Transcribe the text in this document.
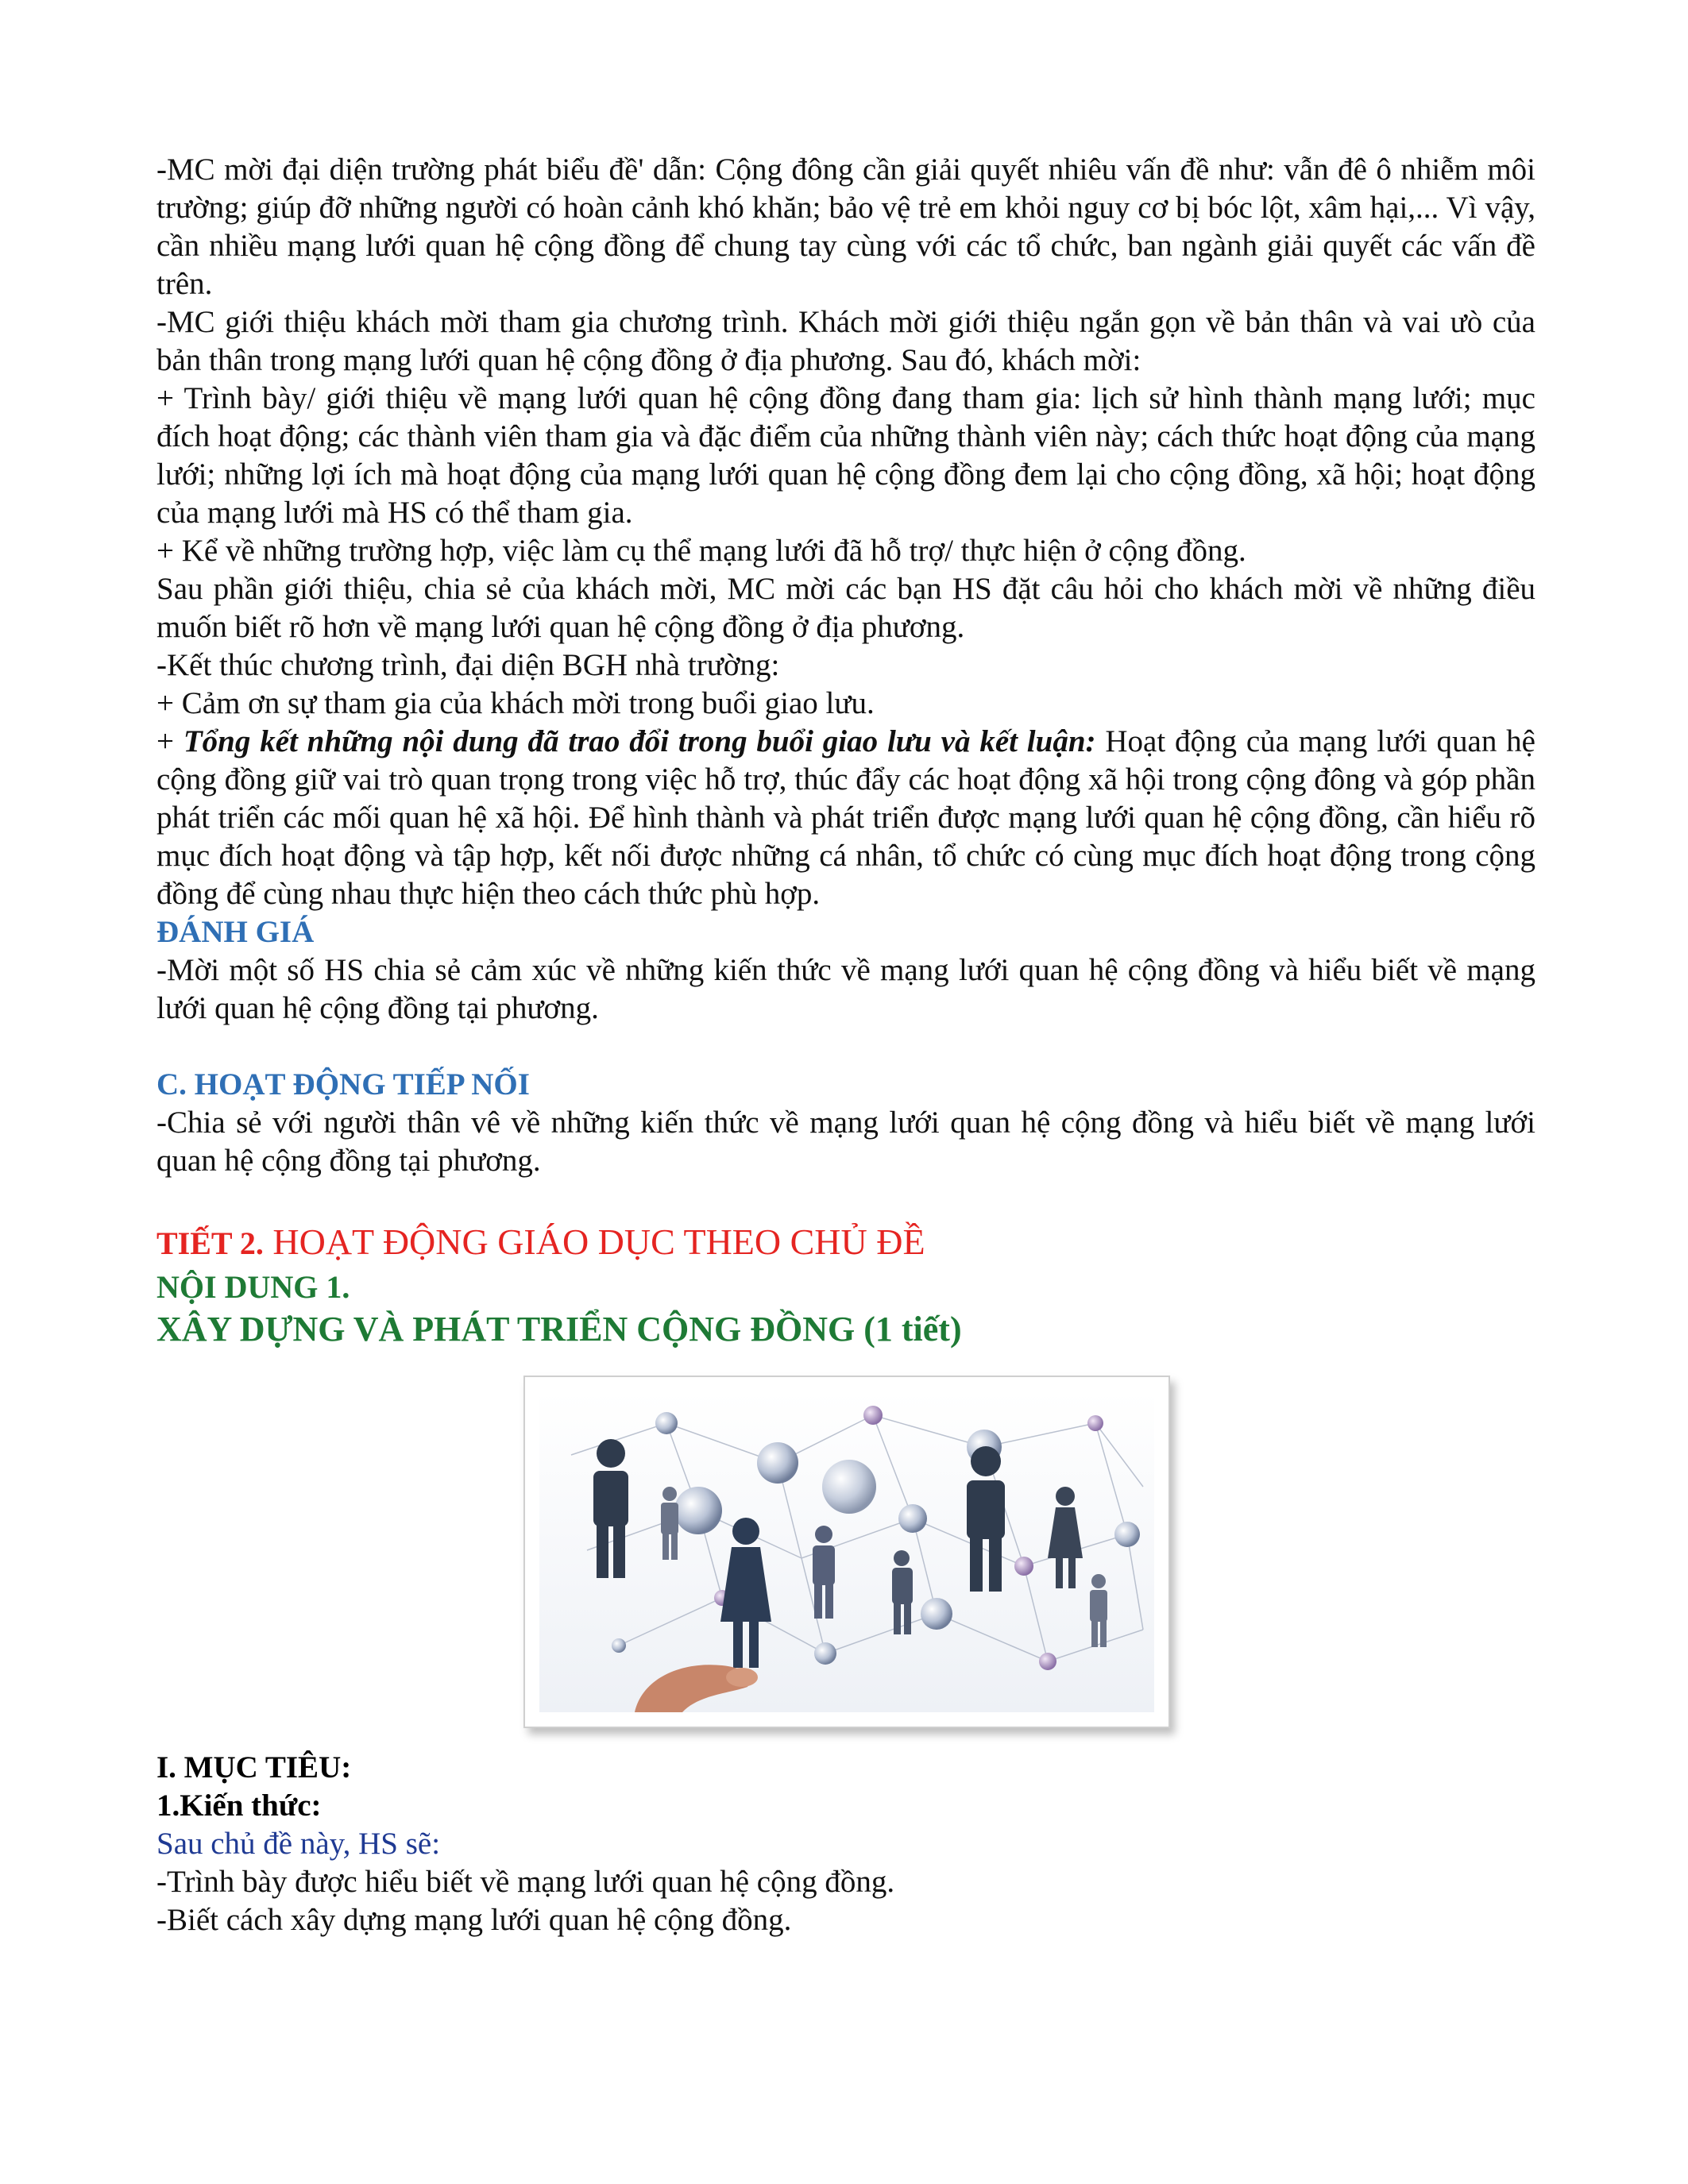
-MC mời đại diện trường phát biểu đề' dẫn: Cộng đông cần giải quyết nhiêu vấn đề như: vẫn đê ô nhiễm môi trường; giúp đỡ những người có hoàn cảnh khó khăn; bảo vệ trẻ em khỏi nguy cơ bị bóc lột, xâm hại,... Vì vậy, cần nhiều mạng lưới quan hệ cộng đồng để chung tay cùng với các tổ chức, ban ngành giải quyết các vấn đề trên.

-MC giới thiệu khách mời tham gia chương trình. Khách mời giới thiệu ngắn gọn về bản thân và vai ưò của bản thân trong mạng lưới quan hệ cộng đồng ở địa phương. Sau đó, khách mời:

+ Trình bày/ giới thiệu về mạng lưới quan hệ cộng đồng đang tham gia: lịch sử hình thành mạng lưới; mục đích hoạt động; các thành viên tham gia và đặc điểm của những thành viên này; cách thức hoạt động của mạng lưới; những lợi ích mà hoạt động của mạng lưới quan hệ cộng đồng đem lại cho cộng đồng, xã hội; hoạt động của mạng lưới mà HS có thể tham gia.

+ Kể về những trường hợp, việc làm cụ thể mạng lưới đã hỗ trợ/ thực hiện ở cộng đồng.

Sau phần giới thiệu, chia sẻ của khách mời, MC mời các bạn HS đặt câu hỏi cho khách mời về những điều muốn biết rõ hơn về mạng lưới quan hệ cộng đồng ở địa phương.

-Kết thúc chương trình, đại diện BGH nhà trường:

+ Cảm ơn sự tham gia của khách mời trong buổi giao lưu.

+ Tổng kết những nội dung đã trao đổi trong buổi giao lưu và kết luận: Hoạt động của mạng lưới quan hệ cộng đồng giữ vai trò quan trọng trong việc hỗ trợ, thúc đẩy các hoạt động xã hội trong cộng đông và góp phần phát triển các mối quan hệ xã hội. Để hình thành và phát triển được mạng lưới quan hệ cộng đồng, cần hiểu rõ mục đích hoạt động và tập hợp, kết nối được những cá nhân, tổ chức có cùng mục đích hoạt động trong cộng đồng để cùng nhau thực hiện theo cách thức phù hợp.

ĐÁNH GIÁ

-Mời một số HS chia sẻ cảm xúc về những kiến thức về mạng lưới quan hệ cộng đồng và hiểu biết về mạng lưới quan hệ cộng đồng tại phương.

C. HOẠT ĐỘNG TIẾP NỐI

-Chia sẻ với người thân vê về những kiến thức về mạng lưới quan hệ cộng đồng và hiểu biết về mạng lưới quan hệ cộng đồng tại phương.

TIẾT 2. HOẠT ĐỘNG GIÁO DỤC THEO CHỦ ĐỀ

NỘI DUNG 1.

XÂY DỰNG VÀ PHÁT TRIỂN CỘNG ĐỒNG (1 tiết)

I. MỤC TIÊU:

1.Kiến thức:

Sau chủ đề này, HS sẽ:

-Trình bày được hiểu biết về mạng lưới quan hệ cộng đồng.

-Biết cách xây dựng mạng lưới quan hệ cộng đồng.
